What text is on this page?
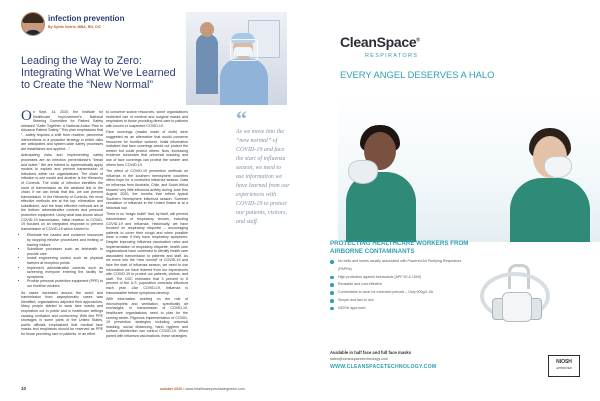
infection prevention
By Sylvie Norris, MBA, RN, CIC
Leading the Way to Zero: Integrating What We’ve Learned to Create the “New Normal”

On Sept. 14, 2020, the Institute for Healthcare Improvement’s National Steering Committee for Patient Safety released “Safer Together: A National Action Plan to Advance Patient Safety.” This plan emphasizes that “…safety requires a shift from reactive, piecemeal interventions to a proactive strategy in which risks are anticipated and system-wide safety processes are established and applied…”

Anticipating risks and implementing safety processes are an infection preventionist’s “bread and butter.” We are trained to systematically apply models to explain and prevent transmission of infections within our organizations. The chain of infection is one model and another is the Hierarchy of Controls. The chain of infection identifies the route of transmission as the weakest link in the chain. If we can break that link, we can prevent transmission. In the Hierarchy of Controls, the most effective methods are at the top: elimination and substitution, and the least effective methods are at the bottom: administrative controls and personal protective equipment. Using what was known about COVID-19 transmission, initial reaction to COVID-19 focused on an integrated response to prevent transmission of COVID-19 which strived to:

• Eliminate the hazard and conserve resources by stopping elective procedures and limiting or barring visitors
• Substitute processes such as telehealth to provide care
• Install engineering control such as physical barriers at reception points
• Implement administrative controls such as screening everyone entering the facility for symptoms
• Provide personal protective equipment (PPE) to our frontline workers.

As cases increased around the world and transmission from asymptomatic cases was identified, organizations adjusted their approaches. Many people started to wear face masks and respirators out in public and in healthcare settings causing confusion and controversy. With dire PPE shortages in some parts of the United States, public officials emphasized that medical face masks and respirators should be reserved as PPE for those providing care to patients. In an effort

to conserve scarce resources, some organizations restricted use of medical and surgical masks and respirators to those providing direct care to patients with known or suspected COVID-19.

Face coverings (masks made of cloth) were suggested as an alternative that would conserve resources for frontline workers. Initial information indicated that face coverings would not protect the wearer but could protect others. Now, increasing evidence concludes that universal masking and use of face coverings can protect the wearer and others from COVID-19.

The effect of COVID-19 prevention methods on influenza in the southern hemisphere countries offers hope for a controlled influenza season. Data on influenza from Australia, Chile, and South Africa showed very little influenza activity during June thru August 2020, the months that reflect typical Southern Hemisphere influenza season. Summer circulation of influenza in the United States is at a historical low.

There is no “magic bullet” that, by itself, will prevent transmission of respiratory viruses, including COVID-19 and influenza. Historically, we have focused on respiratory etiquette – encouraging patients to cover their cough and when possible wear a mask if they have respiratory symptoms. Despite improving influenza vaccination rates and implementation of respiratory etiquette, health care organizations have continued to identify health care associated transmission to patients and staff. As we move into the “new normal” of COVID-19 and face the start of influenza season, we need to use information we have learned from our experiences with COVID-19 to protect our patients, visitors, and staff. The CDC estimates that 3 percent to 8 percent of the U.S. population contracts influenza each year. Like COVID-19, influenza is transmissible before symptoms develop.

With information working on the role of microdroplets and ventilation, specifically air exchanges, in transmission of COVID-19, healthcare organizations need to plan for the coming winter. Rigorous implementation of COVID-19 prevention strategies including universal masking, social distancing, hand hygiene and surface disinfection can control COVID-19. When paired with influenza vaccinations, these strategies

“

As we move into the “new normal” of COVID-19 and face the start of influenza season, we need to use information we have learned from our experiences with COVID-19 to protect our patients, visitors, and staff.

10	october 2020 • www.healthcarepurchasingnews.com
CleanSpace®
RESPIRATORS
EVERY ANGEL DESERVES A HALO
PROTECTING HEALTHCARE WORKERS FROM AIRBORNE CONTAMINANTS
No belts and hoses usually associated with Powered Air Purifying Respirators (PAPRs)
High protection against biohazards (APF 50 & 1000)
Reusable and cost effective
Comfortable to wear for extended periods – Only 500g/1.1lb
Simple and fast to don
NIOSH approved
Available in half face and full face masks
sales@cleanspacetechnology.com
WWW.CLEANSPACETECHNOLOGY.COM
NIOSH
APPROVED
